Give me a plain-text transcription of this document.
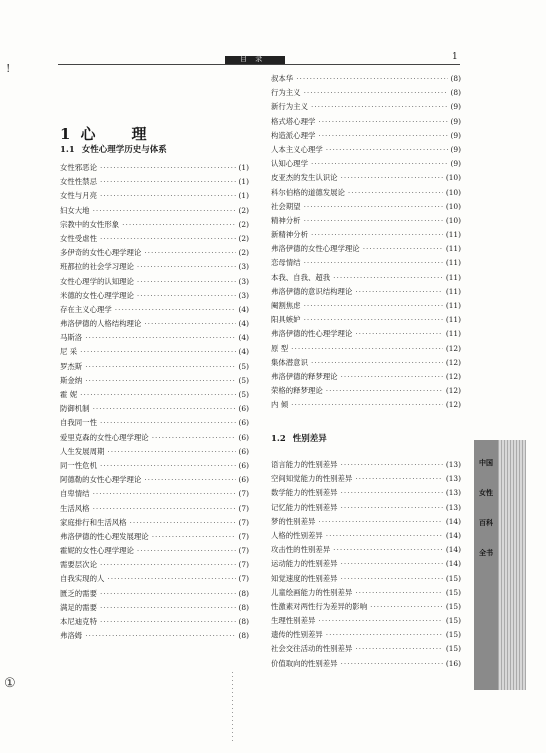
目 录	1
!
①
1 心 理
1.1 女性心理学历史与体系
1.2 性别差异
女性邪恶论 ·····	(1)
女性性禁忌 ·····	(1)
女性与月亮 ·····	(1)
妇女大地 ·····	(2)
宗教中的女性形象 ·····	(2)
女性受虐性 ·····	(2)
多伊奇的女性心理学理论 ·····	(2)
班都拉的社会学习理论 ·····	(3)
女性心理学的认知理论 ·····	(3)
米德的女性心理学理论 ·····	(3)
存在主义心理学 ·····	(4)
弗洛伊德的人格结构理论 ·····	(4)
马斯洛 ·····	(4)
尼 采 ·····	(4)
罗杰斯 ·····	(5)
斯金纳 ·····	(5)
霍 妮 ·····	(5)
防御机制 ·····	(6)
自我同一性 ·····	(6)
爱里克森的女性心理学理论 ·····	(6)
人生发展周期 ·····	(6)
同一性危机 ·····	(6)
阿德勒的女性心理学理论 ·····	(6)
自卑情结 ·····	(7)
生活风格 ·····	(7)
家庭排行和生活风格 ·····	(7)
弗洛伊德的性心理发展理论 ·····	(7)
霍妮的女性心理学理论 ·····	(7)
需要层次论 ·····	(7)
自我实现的人 ·····	(7)
匮乏的需要 ·····	(8)
满足的需要 ·····	(8)
本尼迪克特 ·····	(8)
弗洛姆 ·····	(8)
叔本华 ·····	(8)
行为主义 ·····	(8)
新行为主义 ·····	(9)
格式塔心理学 ·····	(9)
构造派心理学 ·····	(9)
人本主义心理学 ·····	(9)
认知心理学 ·····	(9)
皮亚杰的发生认识论 ·····	(10)
科尔伯格的道德发展论 ·····	(10)
社会期望 ·····	(10)
精神分析 ·····	(10)
新精神分析 ·····	(11)
弗洛伊德的女性心理学理论 ·····	(11)
恋母情结 ·····	(11)
本我、自我、超我 ·····	(11)
弗洛伊德的意识结构理论 ·····	(11)
阉割焦虑 ·····	(11)
阳具嫉妒 ·····	(11)
弗洛伊德的性心理学理论 ·····	(11)
原 型 ·····	(12)
集体潜意识 ·····	(12)
弗洛伊德的释梦理论 ·····	(12)
荣格的释梦理论 ·····	(12)
内 倾 ·····	(12)
语言能力的性别差异 ·····	(13)
空间知觉能力的性别差异 ·····	(13)
数学能力的性别差异 ·····	(13)
记忆能力的性别差异 ·····	(13)
梦的性别差异 ·····	(14)
人格的性别差异 ·····	(14)
攻击性的性别差异 ·····	(14)
运动能力的性别差异 ·····	(14)
知觉速度的性别差异 ·····	(15)
儿童绘画能力的性别差异 ·····	(15)
性激素对两性行为差异的影响 ·····	(15)
生理性别差异 ·····	(15)
遗传的性别差异 ·····	(15)
社会交往活动的性别差异 ·····	(15)
价值取向的性别差异 ·····	(16)
中国女性百科全书
